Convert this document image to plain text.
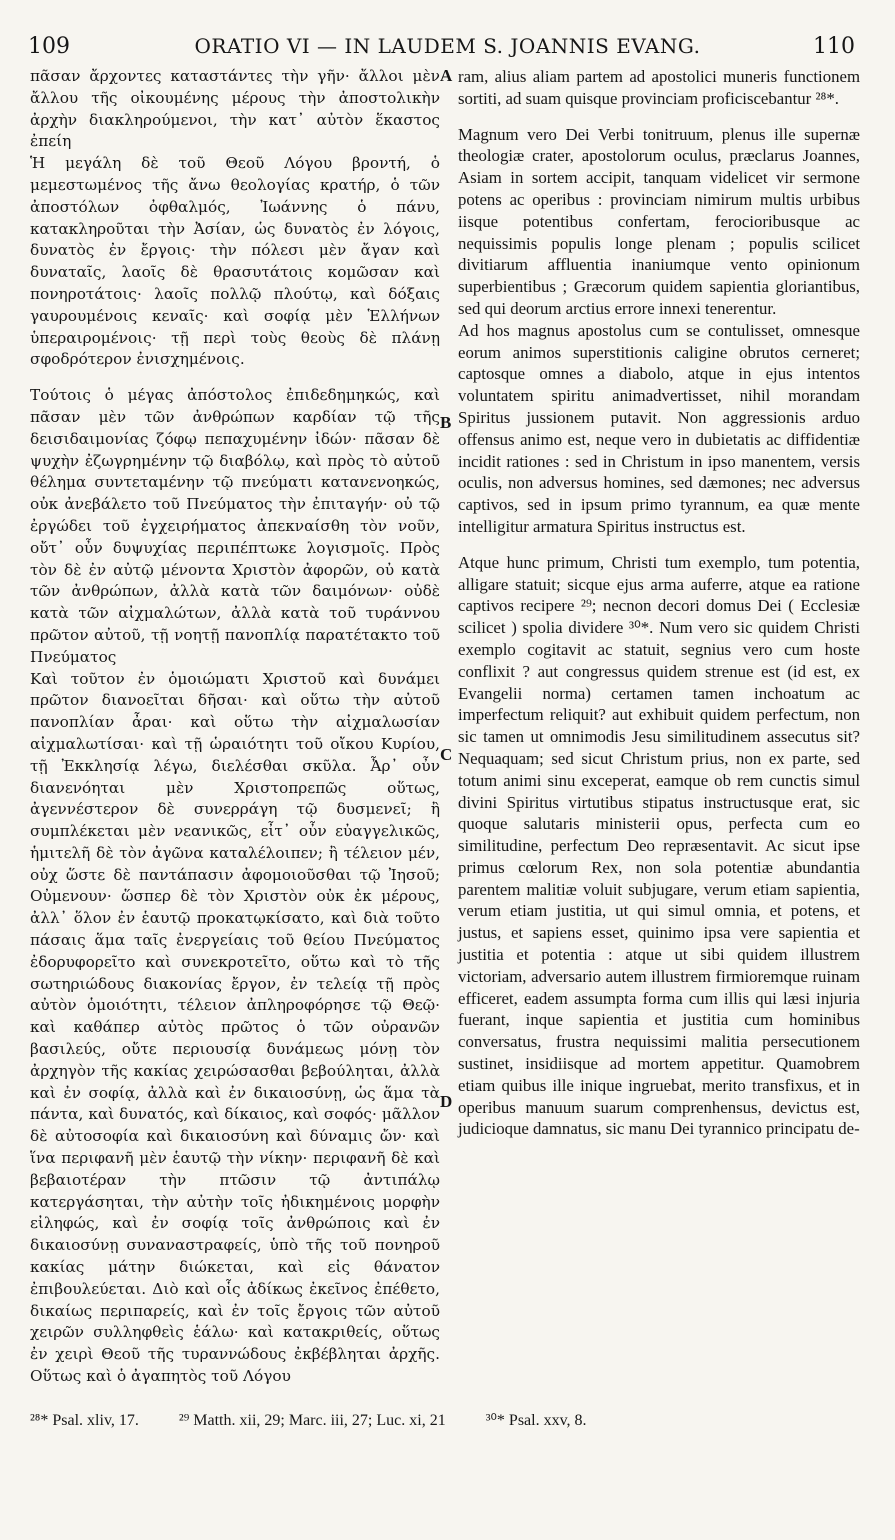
109	ORATIO VI — IN LAUDEM S. JOANNIS EVANG.	110

πᾶσαν ἄρχοντες καταστάντες τὴν γῆν· ἄλλοι μὲν ἄλλου τῆς οἰκουμένης μέρους τὴν ἀποστολικὴν ἀρχὴν διακληρούμενοι, τὴν κατ᾽ αὐτὸν ἕκαστος ἐπείη

Ἡ μεγάλη δὲ τοῦ Θεοῦ Λόγου βροντή, ὁ μεμεστωμένος τῆς ἄνω θεολογίας κρατήρ, ὁ τῶν ἀποστόλων ὀφθαλμός, Ἰωάννης ὁ πάνυ, κατακληροῦται τὴν Ἀσίαν, ὡς δυνατὸς ἐν λόγοις, δυνατὸς ἐν ἔργοις· τὴν πόλεσι μὲν ἄγαν καὶ δυναταῖς, λαοῖς δὲ θρασυτάτοις κομῶσαν καὶ πονηροτάτοις· λαοῖς πολλῷ πλούτῳ, καὶ δόξαις γαυρουμένοις κεναῖς· καὶ σοφίᾳ μὲν Ἑλλήνων ὑπεραιρομένοις· τῇ περὶ τοὺς θεοὺς δὲ πλάνῃ σφοδρότερον ἐνισχημένοις.

Τούτοις ὁ μέγας ἀπόστολος ἐπιδεδημηκώς, καὶ πᾶσαν μὲν τῶν ἀνθρώπων καρδίαν τῷ τῆς δεισιδαιμονίας ζόφῳ πεπαχυμένην ἰδών· πᾶσαν δὲ ψυχὴν ἐζωγρημένην τῷ διαβόλῳ, καὶ πρὸς τὸ αὐτοῦ θέλημα συντεταμένην τῷ πνεύματι κατανενοηκώς, οὐκ ἀνεβάλετο τοῦ Πνεύματος τὴν ἐπιταγήν· οὐ τῷ ἐργώδει τοῦ ἐγχειρήματος ἀπεκναίσθη τὸν νοῦν, οὔτ᾽ οὖν δυψυχίας περιπέπτωκε λογισμοῖς. Πρὸς τὸν δὲ ἐν αὐτῷ μένοντα Χριστὸν ἀφορῶν, οὐ κατὰ τῶν ἀνθρώπων, ἀλλὰ κατὰ τῶν δαιμόνων· οὐδὲ κατὰ τῶν αἰχμαλώτων, ἀλλὰ κατὰ τοῦ τυράννου πρῶτον αὐτοῦ, τῇ νοητῇ πανοπλίᾳ παρατέτακτο τοῦ Πνεύματος

Καὶ τοῦτον ἐν ὁμοιώματι Χριστοῦ καὶ δυνάμει πρῶτον διανοεῖται δῆσαι· καὶ οὕτω τὴν αὐτοῦ πανοπλίαν ἆραι· καὶ οὕτω τὴν αἰχμαλωσίαν αἰχμαλωτίσαι· καὶ τῇ ὡραιότητι τοῦ οἴκου Κυρίου, τῇ Ἐκκλησίᾳ λέγω, διελέσθαι σκῦλα. Ἆρ᾽ οὖν διανενόηται μὲν Χριστοπρεπῶς οὕτως, ἀγεννέστερον δὲ συνερράγη τῷ δυσμενεῖ; ἢ συμπλέκεται μὲν νεανικῶς, εἶτ᾽ οὖν εὐαγγελικῶς, ἡμιτελῆ δὲ τὸν ἀγῶνα καταλέλοιπεν; ἢ τέλειον μέν, οὐχ ὥστε δὲ παντάπασιν ἀφομοιοῦσθαι τῷ Ἰησοῦ; Οὐμενουν· ὥσπερ δὲ τὸν Χριστὸν οὐκ ἐκ μέρους, ἀλλ᾽ ὅλον ἐν ἑαυτῷ προκατῳκίσατο, καὶ διὰ τοῦτο πάσαις ἅμα ταῖς ἐνεργείαις τοῦ θείου Πνεύματος ἐδορυφορεῖτο καὶ συνεκροτεῖτο, οὕτω καὶ τὸ τῆς σωτηριώδους διακονίας ἔργον, ἐν τελείᾳ τῇ πρὸς αὐτὸν ὁμοιότητι, τέλειον ἀπληροφόρησε τῷ Θεῷ· καὶ καθάπερ αὐτὸς πρῶτος ὁ τῶν οὐρανῶν βασιλεύς, οὔτε περιουσίᾳ δυνάμεως μόνῃ τὸν ἀρχηγὸν τῆς κακίας χειρώσασθαι βεβούληται, ἀλλὰ καὶ ἐν σοφίᾳ, ἀλλὰ καὶ ἐν δικαιοσύνῃ, ὡς ἅμα τὰ πάντα, καὶ δυνατός, καὶ δίκαιος, καὶ σοφός· μᾶλλον δὲ αὐτοσοφία καὶ δικαιοσύνη καὶ δύναμις ὤν· καὶ ἵνα περιφανῆ μὲν ἑαυτῷ τὴν νίκην· περιφανῆ δὲ καὶ βεβαιοτέραν τὴν πτῶσιν τῷ ἀντιπάλῳ κατεργάσηται, τὴν αὐτὴν τοῖς ἠδικημένοις μορφὴν εἰληφώς, καὶ ἐν σοφίᾳ τοῖς ἀνθρώποις καὶ ἐν δικαιοσύνῃ συναναστραφείς, ὑπὸ τῆς τοῦ πονηροῦ κακίας μάτην διώκεται, καὶ εἰς θάνατον ἐπιβουλεύεται. Διὸ καὶ οἷς ἀδίκως ἐκεῖνος ἐπέθετο, δικαίως περιπαρείς, καὶ ἐν τοῖς ἔργοις τῶν αὐτοῦ χειρῶν συλληφθεὶς ἑάλω· καὶ κατακριθείς, οὕτως ἐν χειρὶ Θεοῦ τῆς τυραννώδους ἐκβέβληται ἀρχῆς. Οὕτως καὶ ὁ ἀγαπητὸς τοῦ Λόγου

A
B
C
D

ram, alius aliam partem ad apostolici muneris functionem sortiti, ad suam quisque provinciam proficiscebantur ²⁸*.

Magnum vero Dei Verbi tonitruum, plenus ille supernæ theologiæ crater, apostolorum oculus, præclarus Joannes, Asiam in sortem accipit, tanquam videlicet vir sermone potens ac operibus : provinciam nimirum multis urbibus iisque potentibus confertam, ferocioribusque ac nequissimis populis longe plenam ; populis scilicet divitiarum affluentia inaniumque vento opinionum superbientibus ; Græcorum quidem sapientia gloriantibus, sed qui deorum arctius errore innexi tenerentur.

Ad hos magnus apostolus cum se contulisset, omnesque eorum animos superstitionis caligine obrutos cerneret; captosque omnes a diabolo, atque in ejus intentos voluntatem spiritu animadvertisset, nihil morandam Spiritus jussionem putavit. Non aggressionis arduo offensus animo est, neque vero in dubietatis ac diffidentiæ incidit rationes : sed in Christum in ipso manentem, versis oculis, non adversus homines, sed dæmones; nec adversus captivos, sed in ipsum primo tyrannum, ea quæ mente intelligitur armatura Spiritus instructus est.

Atque hunc primum, Christi tum exemplo, tum potentia, alligare statuit; sicque ejus arma auferre, atque ea ratione captivos recipere ²⁹; necnon decori domus Dei ( Ecclesiæ scilicet ) spolia dividere ³⁰*. Num vero sic quidem Christi exemplo cogitavit ac statuit, segnius vero cum hoste conflixit ? aut congressus quidem strenue est (id est, ex Evangelii norma) certamen tamen inchoatum ac imperfectum reliquit? aut exhibuit quidem perfectum, non sic tamen ut omnimodis Jesu similitudinem assecutus sit? Nequaquam; sed sicut Christum prius, non ex parte, sed totum animi sinu exceperat, eamque ob rem cunctis simul divini Spiritus virtutibus stipatus instructusque erat, sic quoque salutaris ministerii opus, perfecta cum eo similitudine, perfectum Deo repræsentavit. Ac sicut ipse primus cœlorum Rex, non sola potentiæ abundantia parentem malitiæ voluit subjugare, verum etiam sapientia, verum etiam justitia, ut qui simul omnia, et potens, et justus, et sapiens esset, quinimo ipsa vere sapientia et justitia et potentia : atque ut sibi quidem illustrem victoriam, adversario autem illustrem firmioremque ruinam efficeret, eadem assumpta forma cum illis qui læsi injuria fuerant, inque sapientia et justitia cum hominibus conversatus, frustra nequissimi malitia persecutionem sustinet, insidiisque ad mortem appetitur. Quamobrem etiam quibus ille inique ingruebat, merito transfixus, et in operibus manuum suarum comprenhensus, devictus est, judicioque damnatus, sic manu Dei tyrannico principatu de-

²⁸* Psal. xliv, 17.	²⁹ Matth. xii, 29; Marc. iii, 27; Luc. xi, 21	³⁰* Psal. xxv, 8.
